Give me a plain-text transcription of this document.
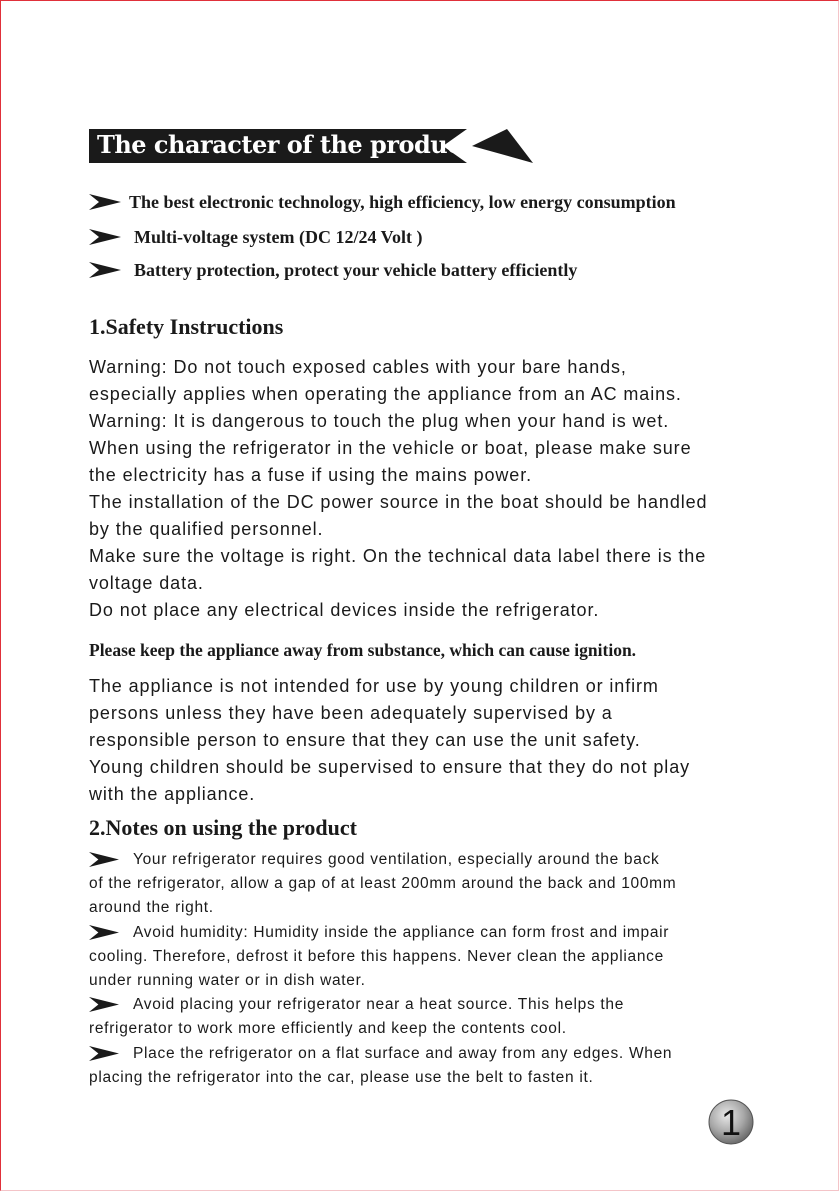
The character of the product
The best electronic technology, high efficiency, low energy consumption
Multi-voltage system (DC 12/24 Volt )
Battery protection, protect your vehicle battery efficiently
1.Safety Instructions

Warning: Do not touch exposed cables with your bare hands,

especially applies when operating the appliance from an AC mains.

Warning: It is dangerous to touch the plug when your hand is wet.

When using the refrigerator in the vehicle or boat, please make sure

the electricity has a fuse if using the mains power.

The installation of the DC power source in the boat should be handled

by the qualified personnel.

Make sure the voltage is right. On the technical data label there is the

voltage data.

Do not place any electrical devices inside the refrigerator.

Please keep the appliance away from substance, which can cause ignition.

The appliance is not intended for use by young children or infirm

persons unless they have been adequately supervised by a

responsible person to ensure that they can use the unit safety.

Young children should be supervised to ensure that they do not play

with the appliance.

2.Notes on using the product
Your refrigerator requires good ventilation, especially around the back
of the refrigerator, allow a gap of at least 200mm around the back and 100mm
around the right.
Avoid humidity: Humidity inside the appliance can form frost and impair
cooling. Therefore, defrost it before this happens. Never clean the appliance
under running water or in dish water.
Avoid placing your refrigerator near a heat source. This helps the
refrigerator to work more efficiently and keep the contents cool.
Place the refrigerator on a flat surface and away from any edges. When
placing the refrigerator into the car, please use the belt to fasten it.
1
